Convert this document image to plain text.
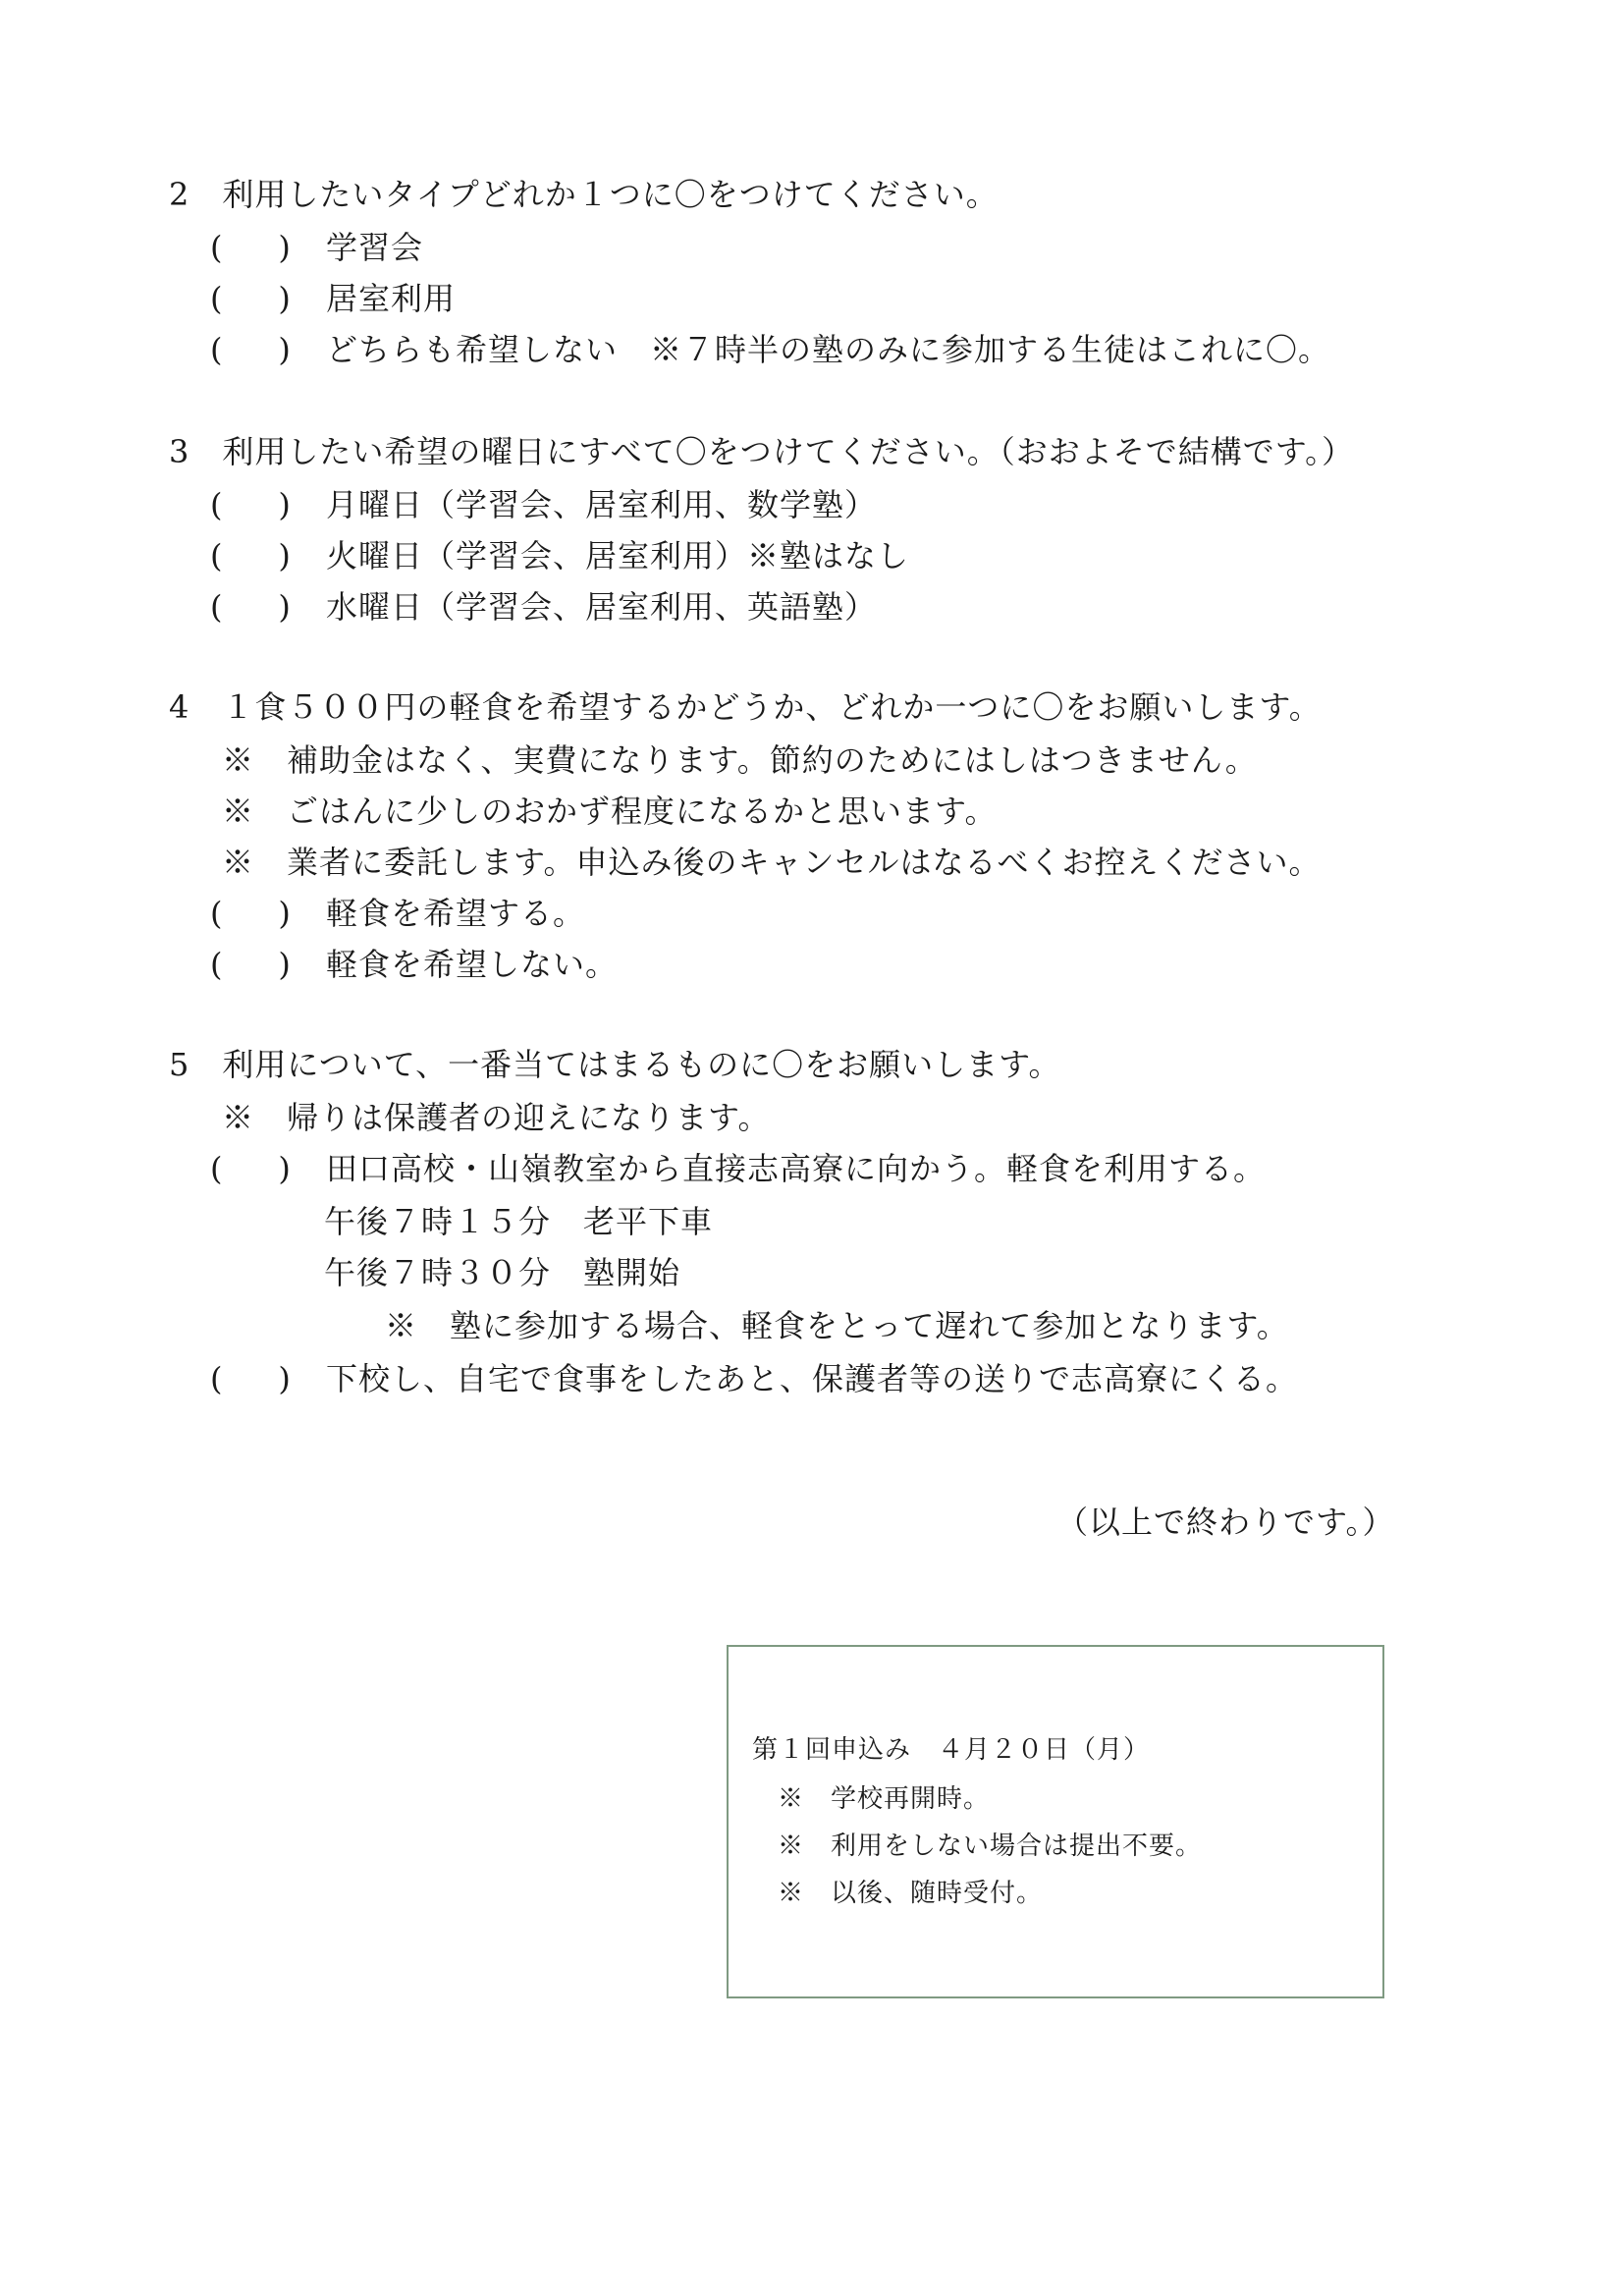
2　利用したいタイプどれか１つに〇をつけてください。
( ) 学習会
( ) 居室利用
( ) どちらも希望しない　※７時半の塾のみに参加する生徒はこれに〇。
3　利用したい希望の曜日にすべて〇をつけてください。（おおよそで結構です。）
( ) 月曜日（学習会、居室利用、数学塾）
( ) 火曜日（学習会、居室利用）※塾はなし
( ) 水曜日（学習会、居室利用、英語塾）
4　１食５００円の軽食を希望するかどうか、どれか一つに〇をお願いします。
※　補助金はなく、実費になります。節約のためにはしはつきません。
※　ごはんに少しのおかず程度になるかと思います。
※　業者に委託します。申込み後のキャンセルはなるべくお控えください。
( ) 軽食を希望する。
( ) 軽食を希望しない。
5　利用について、一番当てはまるものに〇をお願いします。
※　帰りは保護者の迎えになります。
( ) 田口高校・山嶺教室から直接志高寮に向かう。軽食を利用する。
午後７時１５分　老平下車
午後７時３０分　塾開始
※　塾に参加する場合、軽食をとって遅れて参加となります。
( ) 下校し、自宅で食事をしたあと、保護者等の送りで志高寮にくる。
（以上で終わりです。）
第１回申込み　４月２０日（月）
※　学校再開時。
※　利用をしない場合は提出不要。
※　以後、随時受付。
